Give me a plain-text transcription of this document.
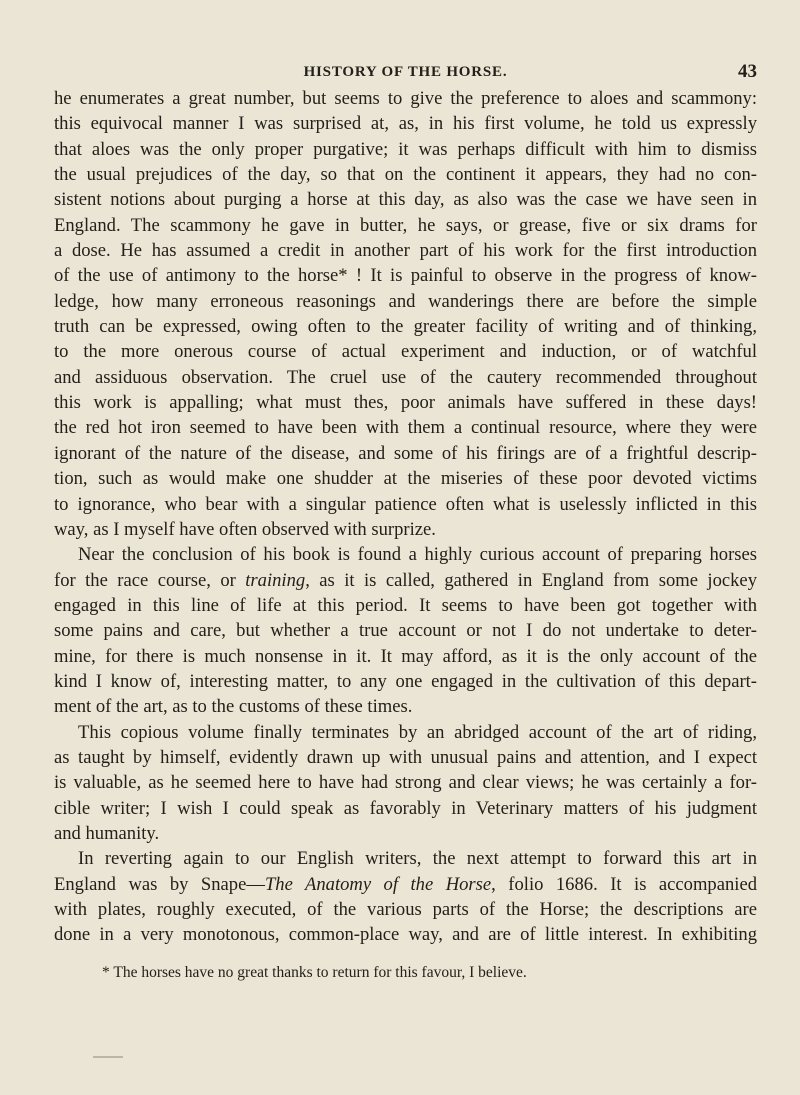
HISTORY OF THE HORSE.	43
he enumerates a great number, but seems to give the preference to aloes and scammony:
this equivocal manner I was surprised at, as, in his first volume, he told us expressly
that aloes was the only proper purgative; it was perhaps difficult with him to dismiss
the usual prejudices of the day, so that on the continent it appears, they had no con-
sistent notions about purging a horse at this day, as also was the case we have seen in
England. The scammony he gave in butter, he says, or grease, five or six drams for
a dose. He has assumed a credit in another part of his work for the first introduction
of the use of antimony to the horse* ! It is painful to observe in the progress of know-
ledge, how many erroneous reasonings and wanderings there are before the simple
truth can be expressed, owing often to the greater facility of writing and of thinking,
to the more onerous course of actual experiment and induction, or of watchful
and assiduous observation. The cruel use of the cautery recommended throughout
this work is appalling; what must thes, poor animals have suffered in these days!
the red hot iron seemed to have been with them a continual resource, where they were
ignorant of the nature of the disease, and some of his firings are of a frightful descrip-
tion, such as would make one shudder at the miseries of these poor devoted victims
to ignorance, who bear with a singular patience often what is uselessly inflicted in this
way, as I myself have often observed with surprize.
Near the conclusion of his book is found a highly curious account of preparing horses
for the race course, or training, as it is called, gathered in England from some jockey
engaged in this line of life at this period. It seems to have been got together with
some pains and care, but whether a true account or not I do not undertake to deter-
mine, for there is much nonsense in it. It may afford, as it is the only account of the
kind I know of, interesting matter, to any one engaged in the cultivation of this depart-
ment of the art, as to the customs of these times.
This copious volume finally terminates by an abridged account of the art of riding,
as taught by himself, evidently drawn up with unusual pains and attention, and I expect
is valuable, as he seemed here to have had strong and clear views; he was certainly a for-
cible writer; I wish I could speak as favorably in Veterinary matters of his judgment
and humanity.
In reverting again to our English writers, the next attempt to forward this art in
England was by Snape—The Anatomy of the Horse, folio 1686. It is accompanied
with plates, roughly executed, of the various parts of the Horse; the descriptions are
done in a very monotonous, common-place way, and are of little interest. In exhibiting
* The horses have no great thanks to return for this favour, I believe.
